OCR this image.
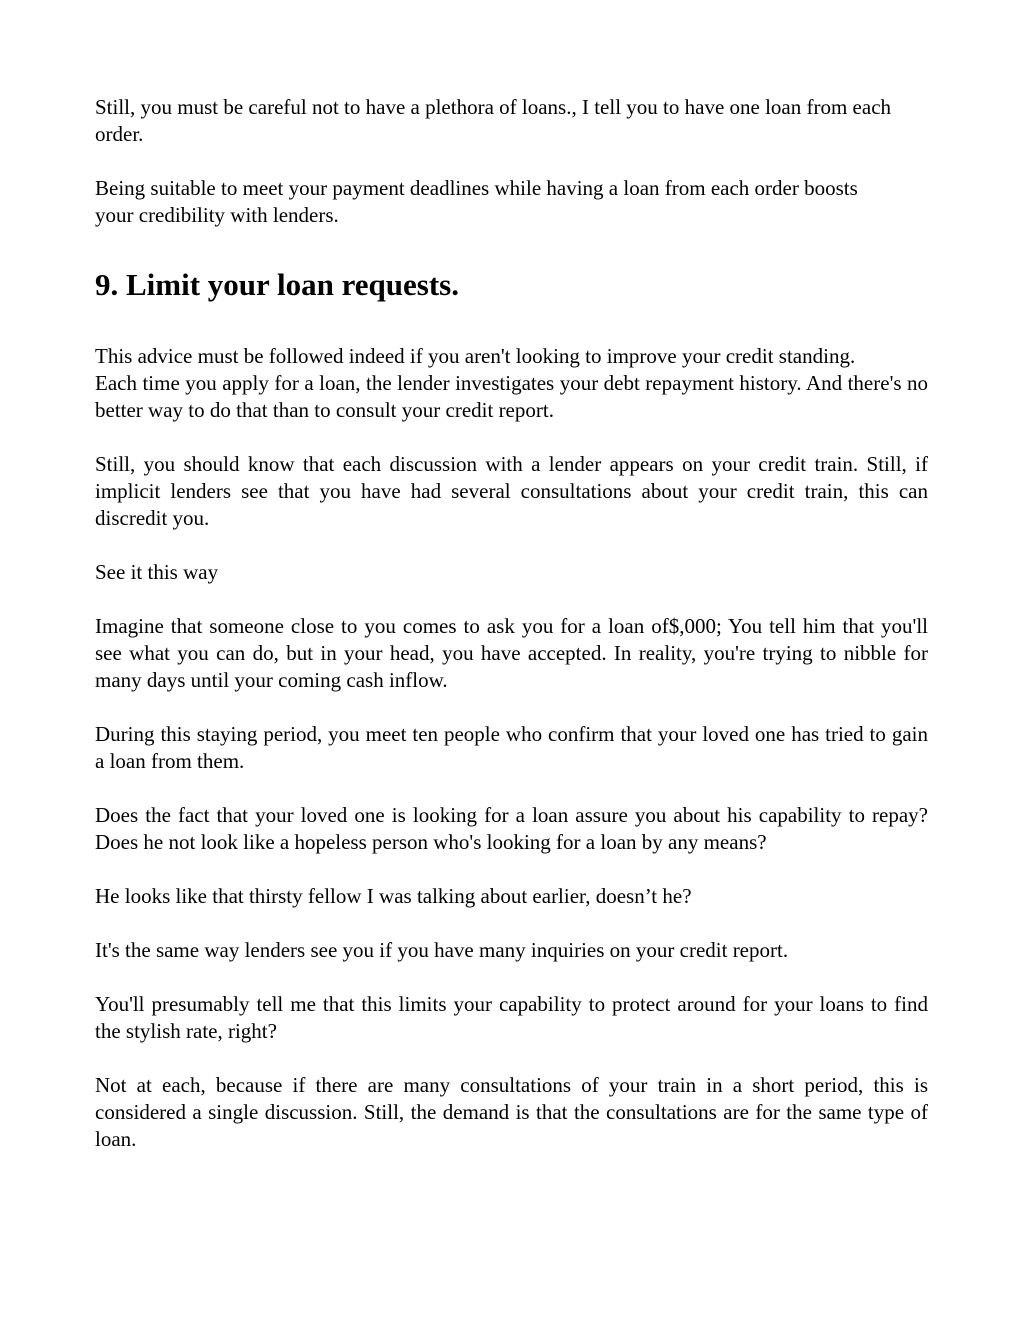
Still, you must be careful not to have a plethora of loans., I tell you to have one loan from each order.

Being suitable to meet your payment deadlines while having a loan from each order boosts your credibility with lenders.

9. Limit your loan requests.

This advice must be followed indeed if you aren't looking to improve your credit standing.

Each time you apply for a loan, the lender investigates your debt repayment history. And there's no better way to do that than to consult your credit report.

Still, you should know that each discussion with a lender appears on your credit train. Still, if implicit lenders see that you have had several consultations about your credit train, this can discredit you.

See it this way

Imagine that someone close to you comes to ask you for a loan of$,000; You tell him that you'll see what you can do, but in your head, you have accepted. In reality, you're trying to nibble for many days until your coming cash inflow.

During this staying period, you meet ten people who confirm that your loved one has tried to gain a loan from them.

Does the fact that your loved one is looking for a loan assure you about his capability to repay? Does he not look like a hopeless person who's looking for a loan by any means?

He looks like that thirsty fellow I was talking about earlier, doesn’t he?

It's the same way lenders see you if you have many inquiries on your credit report.

You'll presumably tell me that this limits your capability to protect around for your loans to find the stylish rate, right?

Not at each, because if there are many consultations of your train in a short period, this is considered a single discussion. Still, the demand is that the consultations are for the same type of loan.
